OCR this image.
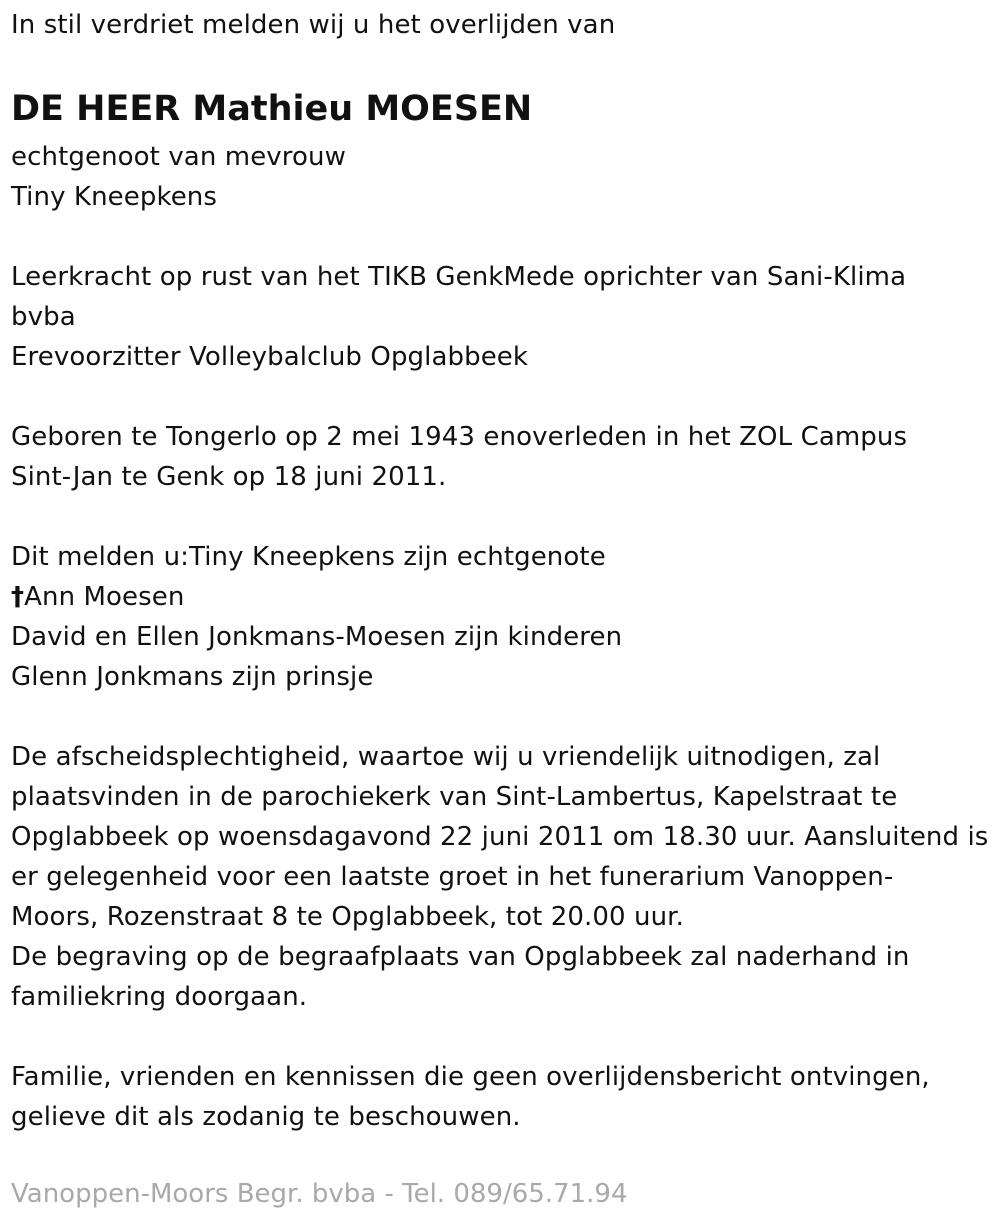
In stil verdriet melden wij u het overlijden van
DE HEER Mathieu MOESEN
echtgenoot van mevrouw
Tiny Kneepkens
Leerkracht op rust van het TIKB GenkMede oprichter van Sani-Klima
bvba
Erevoorzitter Volleybalclub Opglabbeek
Geboren te Tongerlo op 2 mei 1943 enoverleden in het ZOL Campus
Sint-Jan te Genk op 18 juni 2011.
Dit melden u:Tiny Kneepkens zijn echtgenote
†Ann Moesen
David en Ellen Jonkmans-Moesen zijn kinderen
Glenn Jonkmans zijn prinsje
De afscheidsplechtigheid, waartoe wij u vriendelijk uitnodigen, zal
plaatsvinden in de parochiekerk van Sint-Lambertus, Kapelstraat te
Opglabbeek op woensdagavond 22 juni 2011 om 18.30 uur. Aansluitend is
er gelegenheid voor een laatste groet in het funerarium Vanoppen-
Moors, Rozenstraat 8 te Opglabbeek, tot 20.00 uur.
De begraving op de begraafplaats van Opglabbeek zal naderhand in
familiekring doorgaan.
Familie, vrienden en kennissen die geen overlijdensbericht ontvingen,
gelieve dit als zodanig te beschouwen.
Vanoppen-Moors Begr. bvba - Tel. 089/65.71.94
